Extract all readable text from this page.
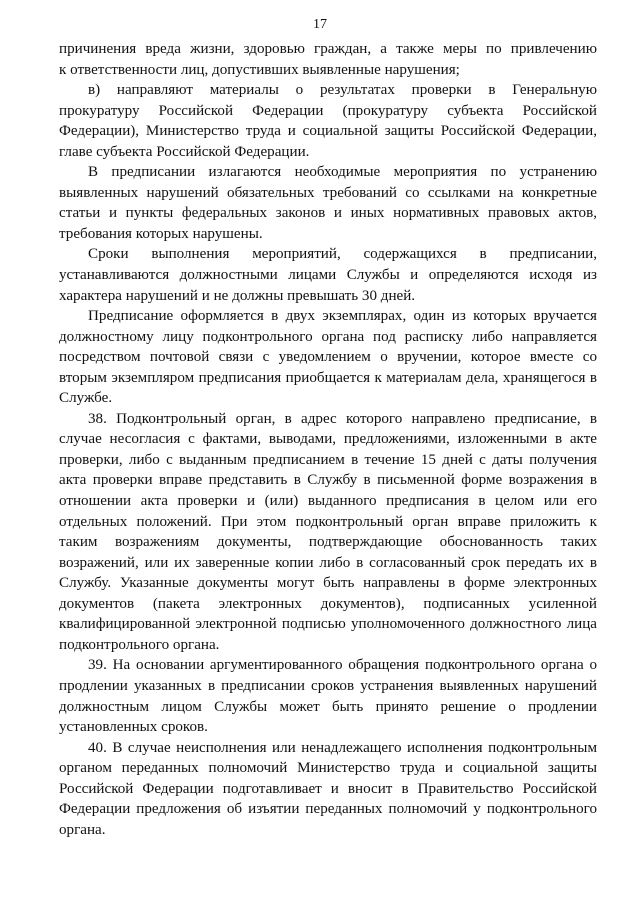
17
причинения вреда жизни, здоровью граждан, а также меры по привлечению
к ответственности лиц, допустивших выявленные нарушения;
в) направляют материалы о результатах проверки в Генеральную
прокуратуру Российской Федерации (прокуратуру субъекта Российской
Федерации), Министерство труда и социальной защиты Российской Федерации,
главе субъекта Российской Федерации.
В предписании излагаются необходимые мероприятия по устранению
выявленных нарушений обязательных требований со ссылками на конкретные
статьи и пункты федеральных законов и иных нормативных правовых актов,
требования которых нарушены.
Сроки выполнения мероприятий, содержащихся в предписании,
устанавливаются должностными лицами Службы и определяются исходя из
характера нарушений и не должны превышать 30 дней.
Предписание оформляется в двух экземплярах, один из которых вручается
должностному лицу подконтрольного органа под расписку либо направляется
посредством почтовой связи с уведомлением о вручении, которое вместе со
вторым экземпляром предписания приобщается к материалам дела, хранящегося в
Службе.
38. Подконтрольный орган, в адрес которого направлено предписание, в
случае несогласия с фактами, выводами, предложениями, изложенными в акте
проверки, либо с выданным предписанием в течение 15 дней с даты получения
акта проверки вправе представить в Службу в письменной форме возражения в
отношении акта проверки и (или) выданного предписания в целом или его
отдельных положений. При этом подконтрольный орган вправе приложить к
таким возражениям документы, подтверждающие обоснованность таких
возражений, или их заверенные копии либо в согласованный срок передать их в
Службу. Указанные документы могут быть направлены в форме электронных
документов (пакета электронных документов), подписанных усиленной
квалифицированной электронной подписью уполномоченного должностного лица
подконтрольного органа.
39. На основании аргументированного обращения подконтрольного органа о
продлении указанных в предписании сроков устранения выявленных нарушений
должностным лицом Службы может быть принято решение о продлении
установленных сроков.
40. В случае неисполнения или ненадлежащего исполнения подконтрольным
органом переданных полномочий Министерство труда и социальной защиты
Российской Федерации подготавливает и вносит в Правительство Российской
Федерации предложения об изъятии переданных полномочий у подконтрольного
органа.
